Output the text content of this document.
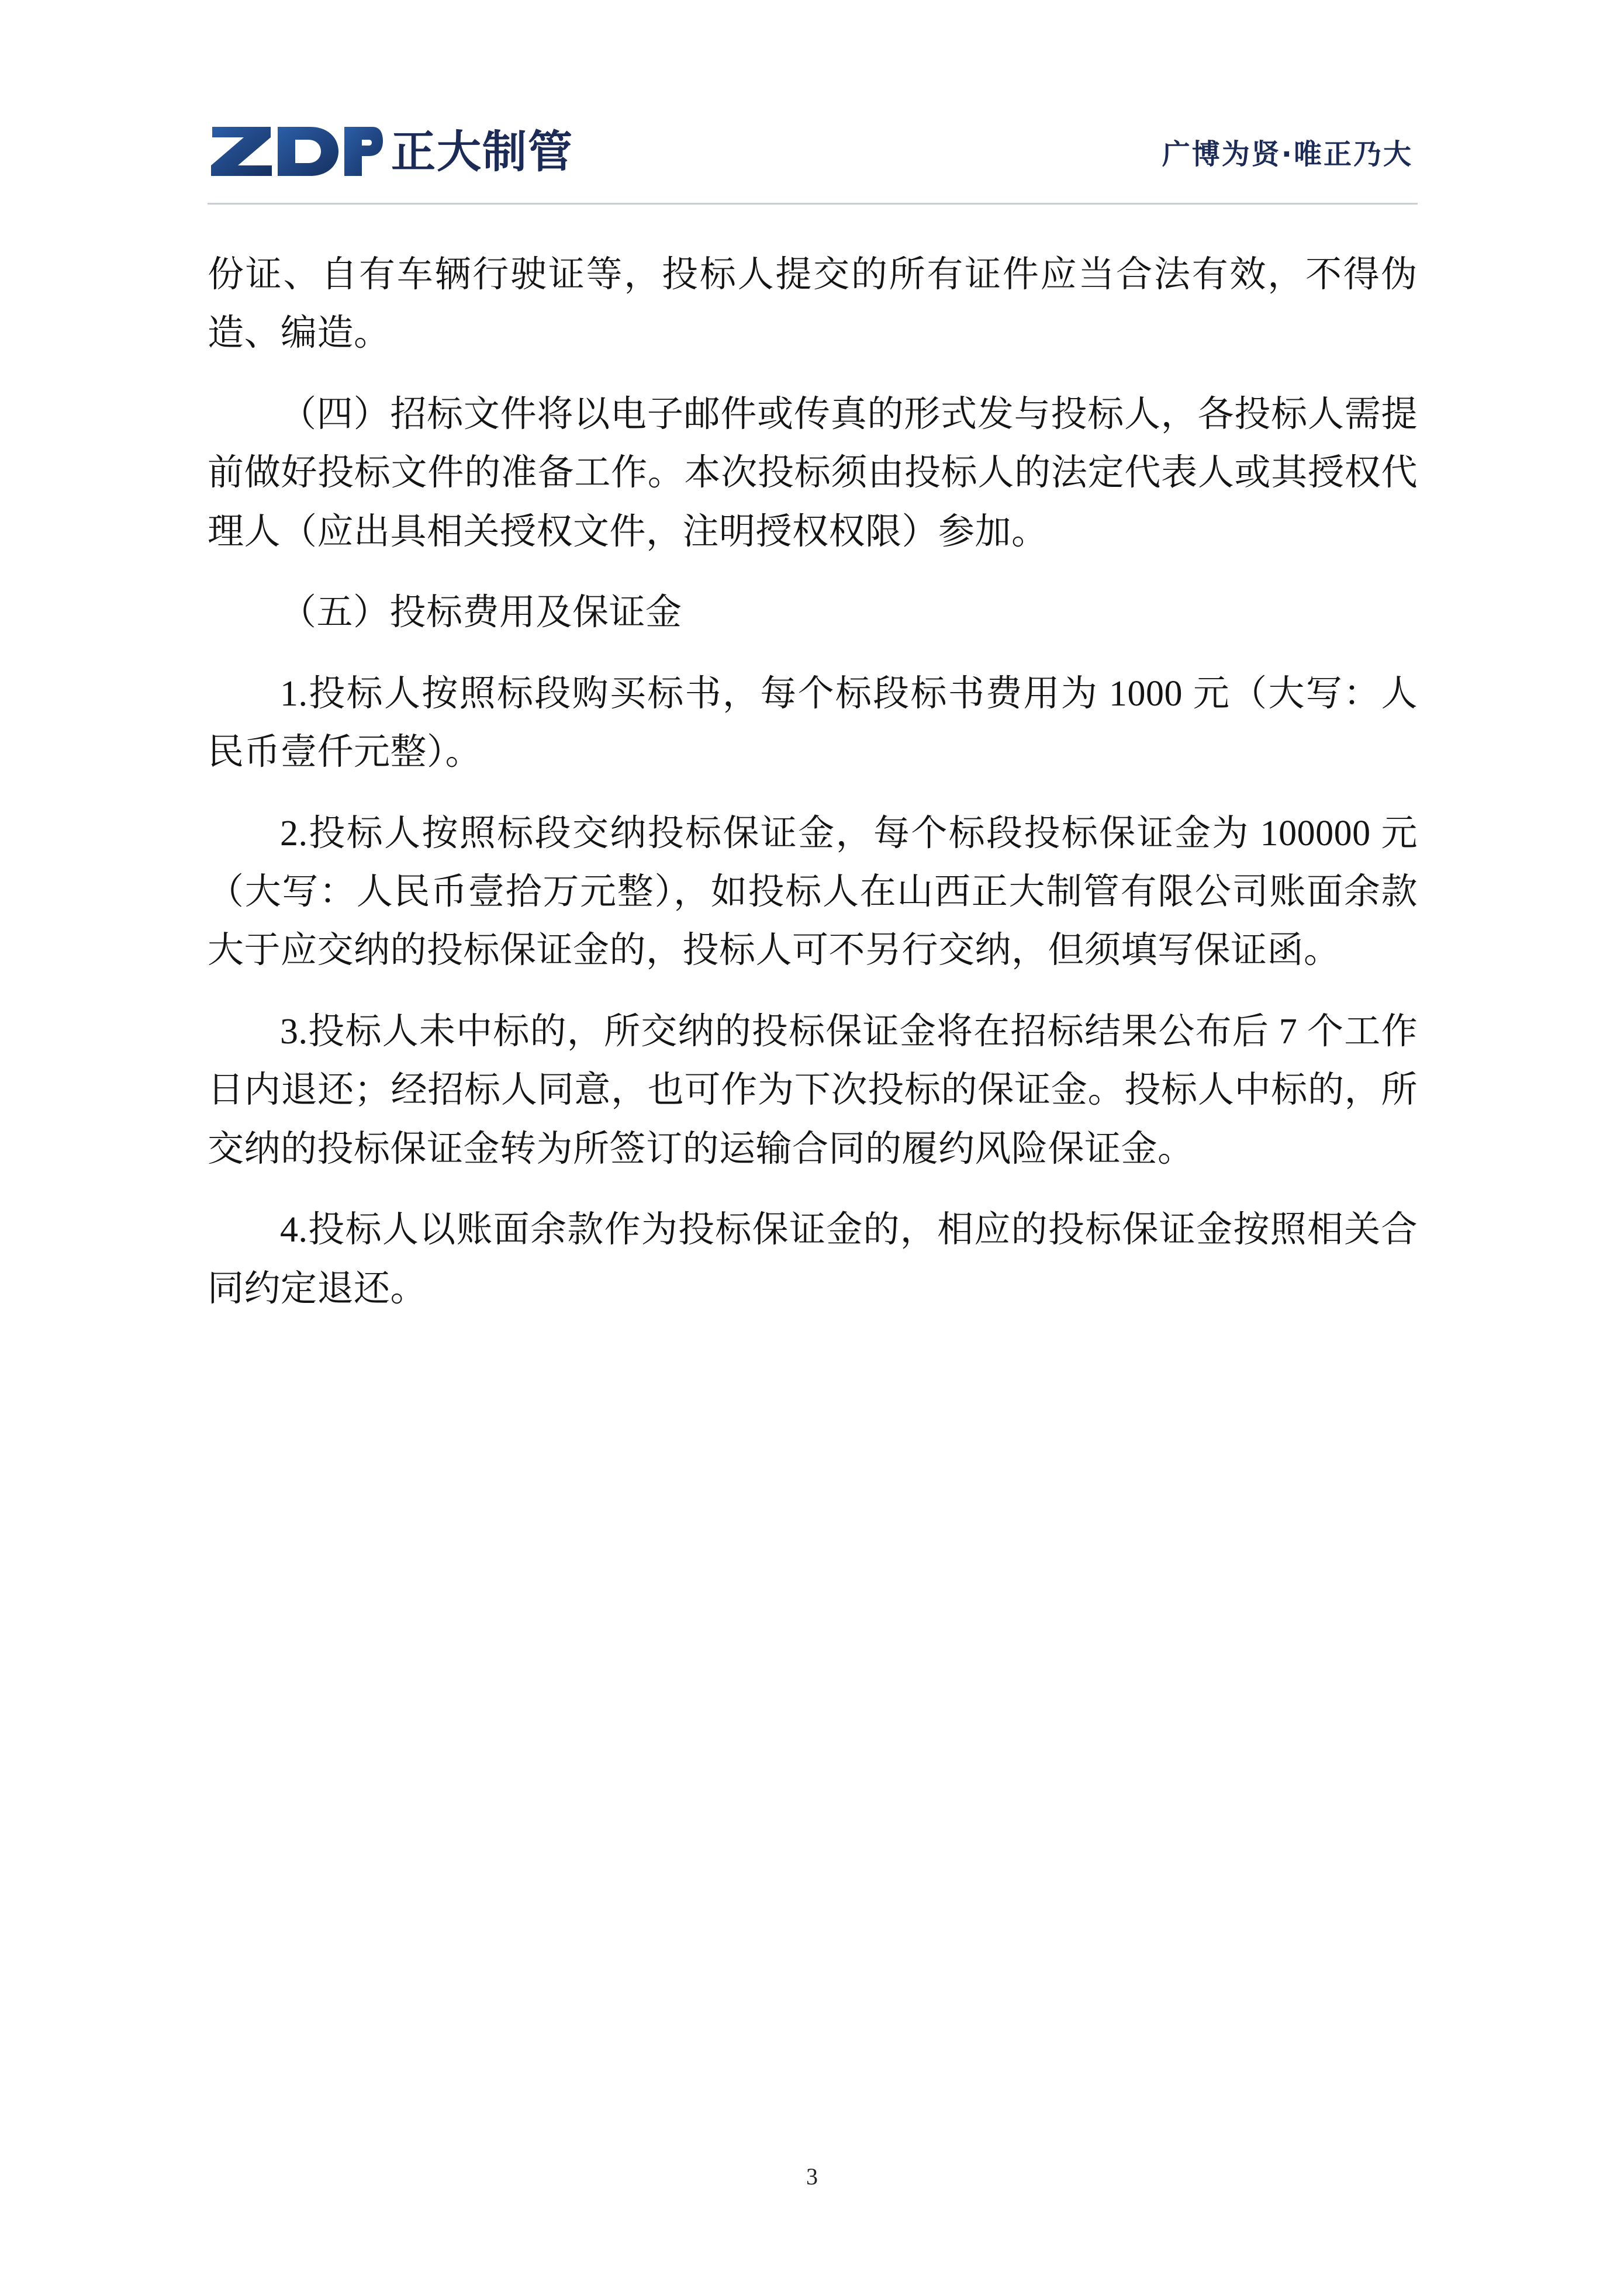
正大制管	广博为贤·唯正乃大

份证、自有车辆行驶证等，投标人提交的所有证件应当合法有效，不得伪造、编造。

（四）招标文件将以电子邮件或传真的形式发与投标人，各投标人需提前做好投标文件的准备工作。本次投标须由投标人的法定代表人或其授权代理人（应出具相关授权文件，注明授权权限）参加。

（五）投标费用及保证金

1.投标人按照标段购买标书，每个标段标书费用为 1000 元（大写：人民币壹仟元整）。

2.投标人按照标段交纳投标保证金，每个标段投标保证金为 100000 元（大写：人民币壹拾万元整），如投标人在山西正大制管有限公司账面余款大于应交纳的投标保证金的，投标人可不另行交纳，但须填写保证函。

3.投标人未中标的，所交纳的投标保证金将在招标结果公布后 7 个工作日内退还；经招标人同意，也可作为下次投标的保证金。投标人中标的，所交纳的投标保证金转为所签订的运输合同的履约风险保证金。

4.投标人以账面余款作为投标保证金的，相应的投标保证金按照相关合同约定退还。

3
